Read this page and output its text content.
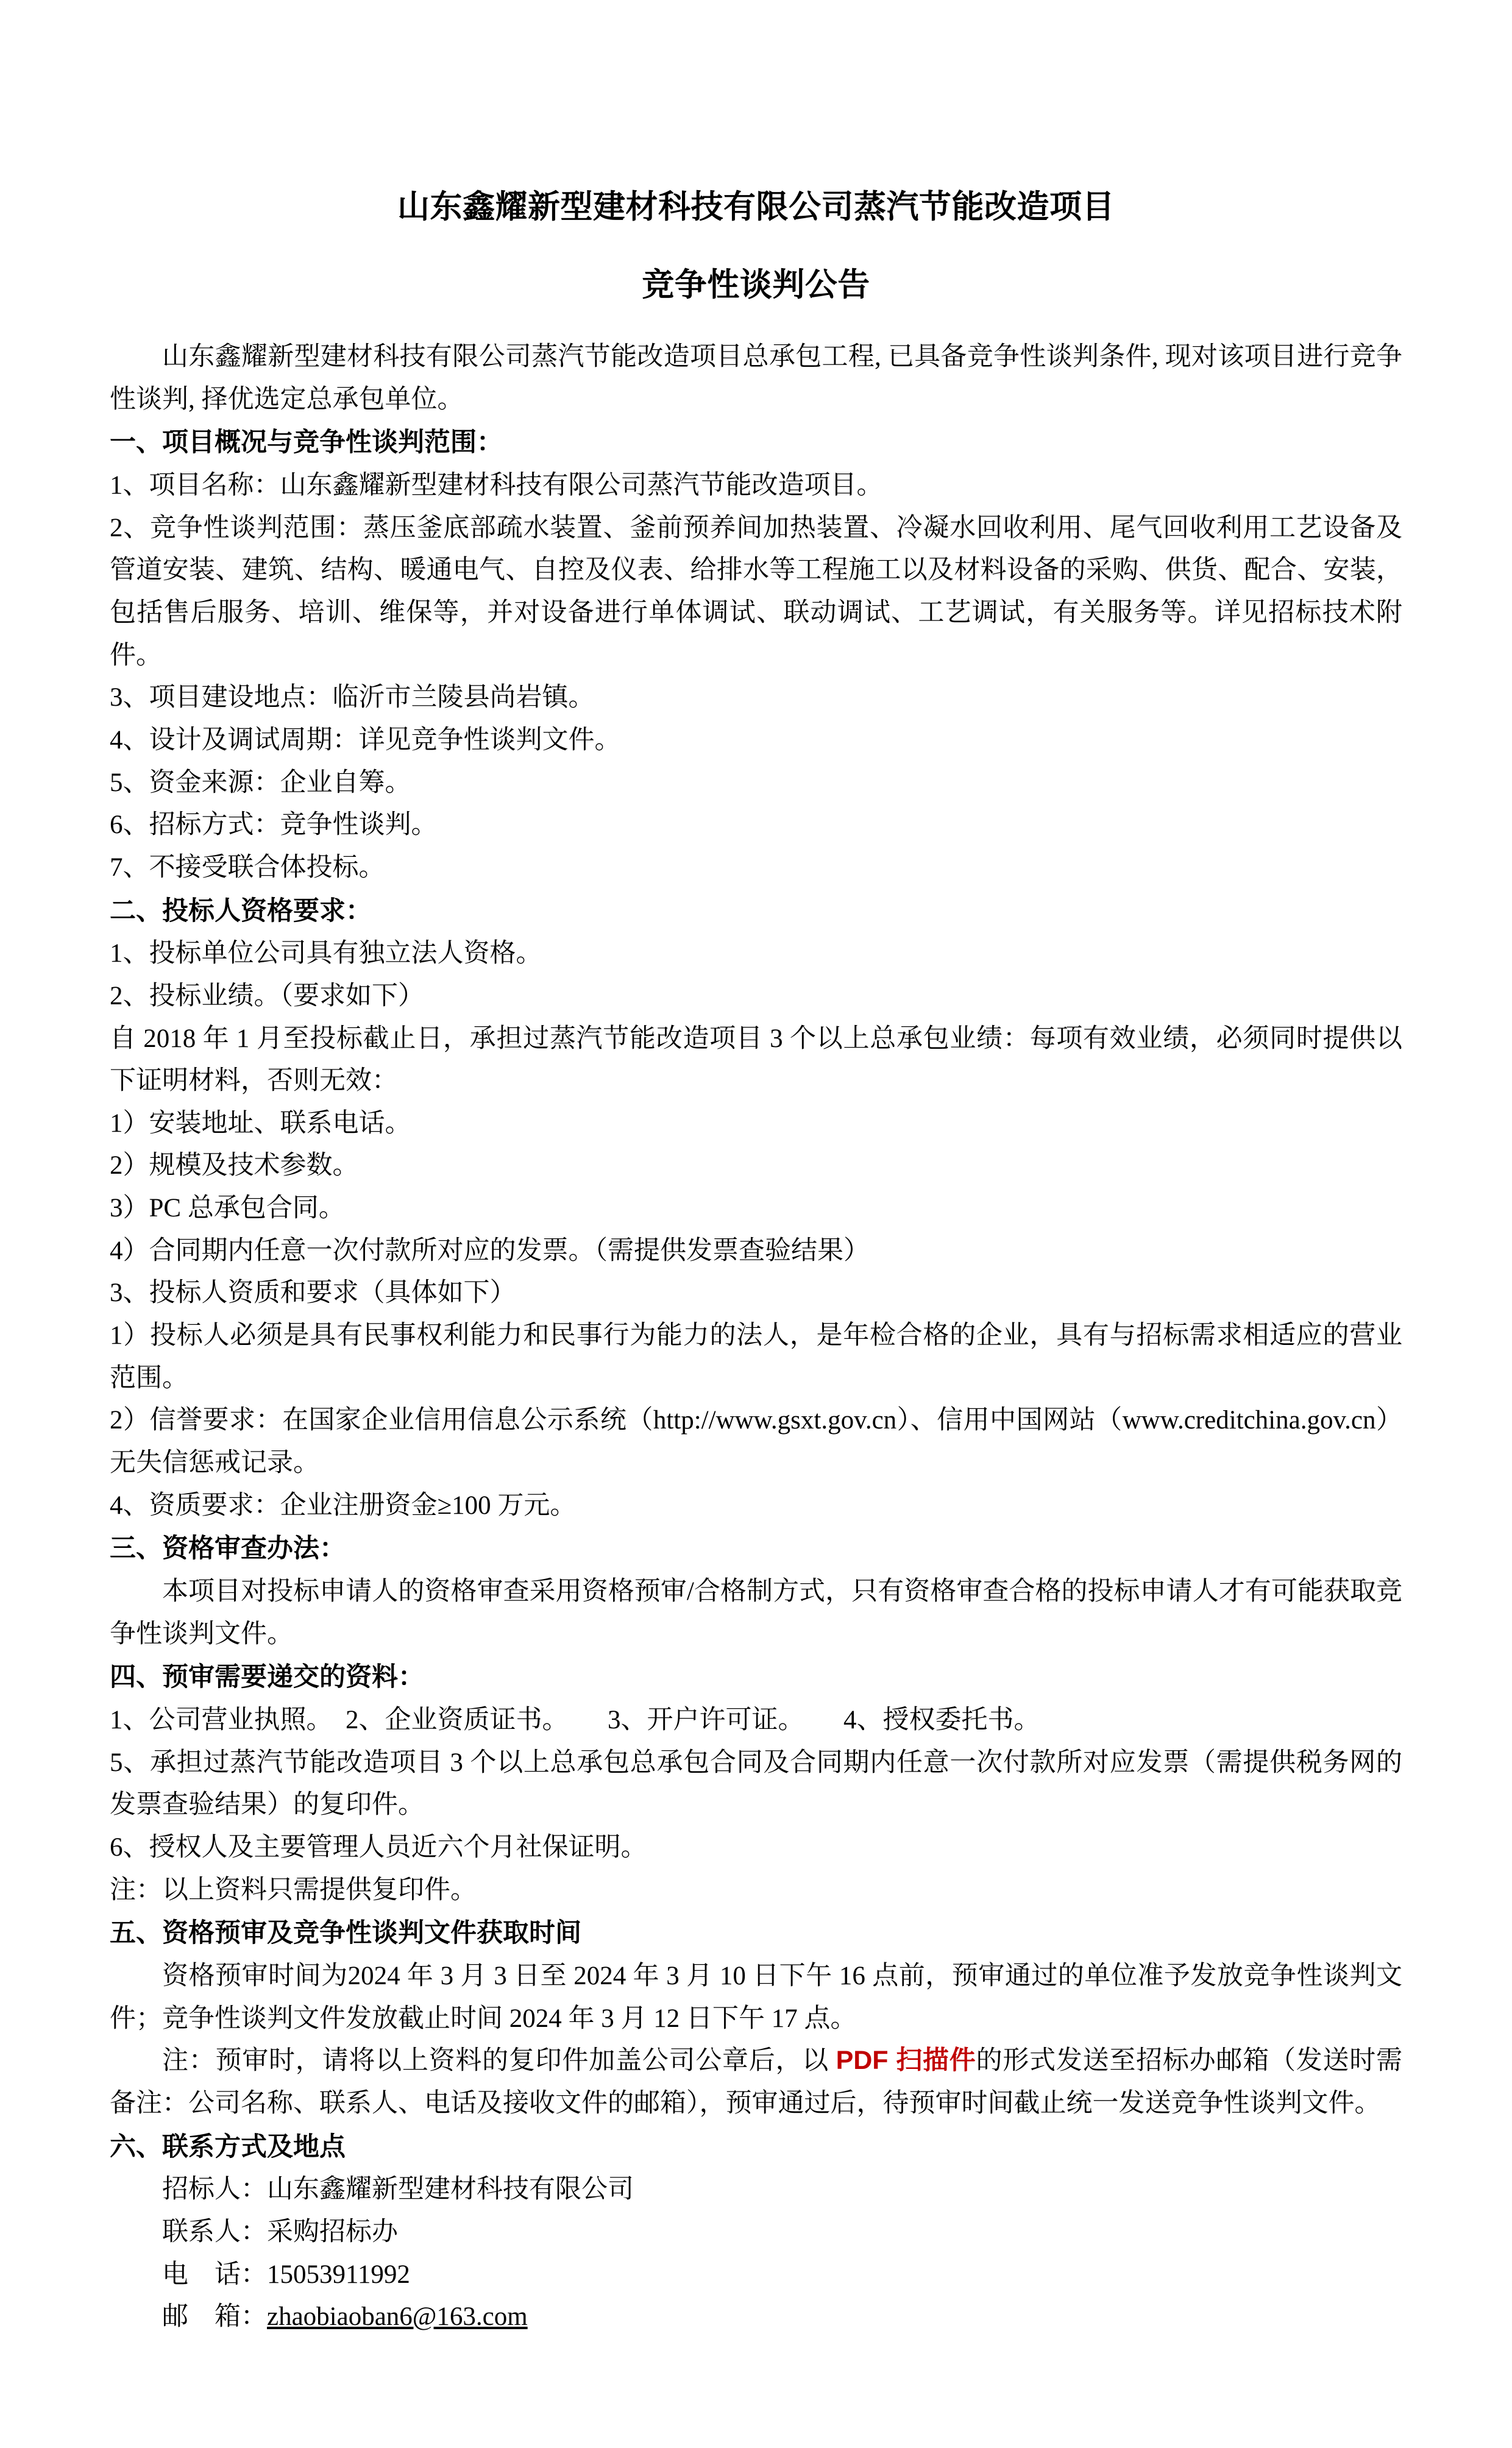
山东鑫耀新型建材科技有限公司蒸汽节能改造项目
竞争性谈判公告

山东鑫耀新型建材科技有限公司蒸汽节能改造项目总承包工程, 已具备竞争性谈判条件, 现对该项目进行竞争性谈判, 择优选定总承包单位。

一、项目概况与竞争性谈判范围：

1、项目名称：山东鑫耀新型建材科技有限公司蒸汽节能改造项目。

2、竞争性谈判范围：蒸压釜底部疏水装置、釜前预养间加热装置、冷凝水回收利用、尾气回收利用工艺设备及管道安装、建筑、结构、暖通电气、自控及仪表、给排水等工程施工以及材料设备的采购、供货、配合、安装，包括售后服务、培训、维保等，并对设备进行单体调试、联动调试、工艺调试，有关服务等。详见招标技术附件。

3、项目建设地点：临沂市兰陵县尚岩镇。

4、设计及调试周期：详见竞争性谈判文件。

5、资金来源：企业自筹。

6、招标方式：竞争性谈判。

7、不接受联合体投标。

二、投标人资格要求：

1、投标单位公司具有独立法人资格。

2、投标业绩。（要求如下）

自 2018 年 1 月至投标截止日，承担过蒸汽节能改造项目 3 个以上总承包业绩：每项有效业绩，必须同时提供以下证明材料，否则无效：

1）安装地址、联系电话。

2）规模及技术参数。

3）PC 总承包合同。

4）合同期内任意一次付款所对应的发票。（需提供发票查验结果）

3、投标人资质和要求（具体如下）

1）投标人必须是具有民事权利能力和民事行为能力的法人，是年检合格的企业，具有与招标需求相适应的营业范围。

2）信誉要求：在国家企业信用信息公示系统（http://www.gsxt.gov.cn）、信用中国网站（www.creditchina.gov.cn）无失信惩戒记录。

4、资质要求：企业注册资金≥100 万元。

三、资格审查办法：

本项目对投标申请人的资格审查采用资格预审/合格制方式，只有资格审查合格的投标申请人才有可能获取竞争性谈判文件。

四、预审需要递交的资料：

1、公司营业执照。　2、企业资质证书。　　3、开户许可证。　　4、授权委托书。

5、承担过蒸汽节能改造项目 3 个以上总承包总承包合同及合同期内任意一次付款所对应发票（需提供税务网的发票查验结果）的复印件。

6、授权人及主要管理人员近六个月社保证明。

注：以上资料只需提供复印件。

五、资格预审及竞争性谈判文件获取时间

资格预审时间为2024 年 3 月 3 日至 2024 年 3 月 10 日下午 16 点前，预审通过的单位准予发放竞争性谈判文件；竞争性谈判文件发放截止时间 2024 年 3 月 12 日下午 17 点。

注：预审时，请将以上资料的复印件加盖公司公章后，以 PDF 扫描件的形式发送至招标办邮箱（发送时需备注：公司名称、联系人、电话及接收文件的邮箱），预审通过后，待预审时间截止统一发送竞争性谈判文件。

六、联系方式及地点

招标人：山东鑫耀新型建材科技有限公司

联系人：采购招标办

电　话：15053911992

邮　箱：zhaobiaoban6@163.com
